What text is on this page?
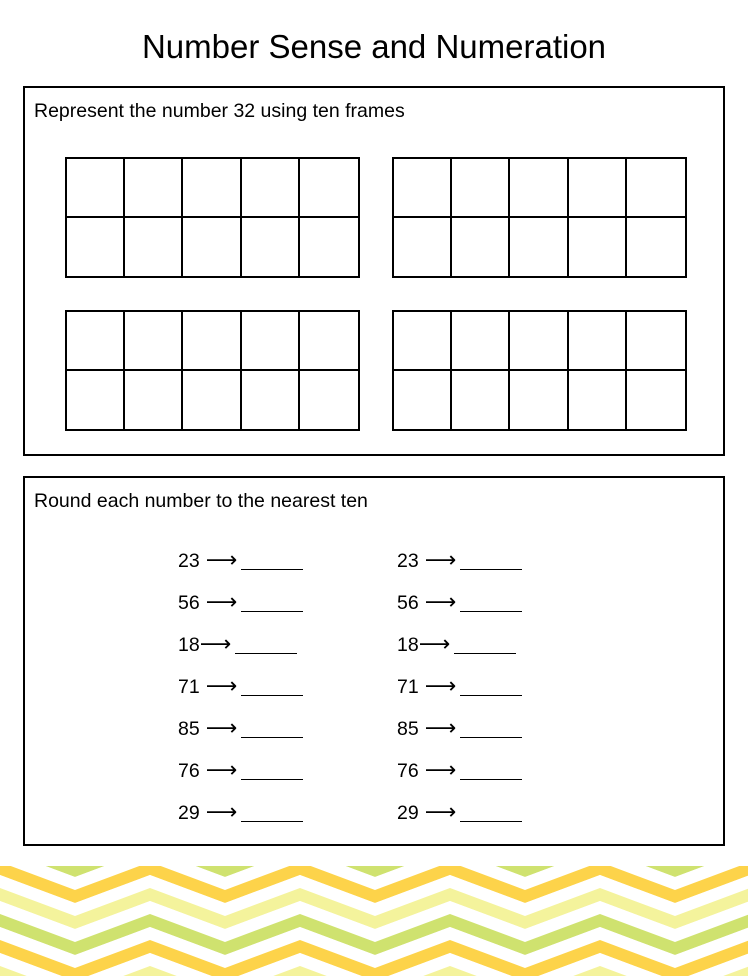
Number Sense and Numeration
Represent the number 32 using ten frames
Round each number to the nearest ten
23 ⟶
56 ⟶
18⟶
71 ⟶
85 ⟶
76 ⟶
29 ⟶
23 ⟶
56 ⟶
18⟶
71 ⟶
85 ⟶
76 ⟶
29 ⟶
